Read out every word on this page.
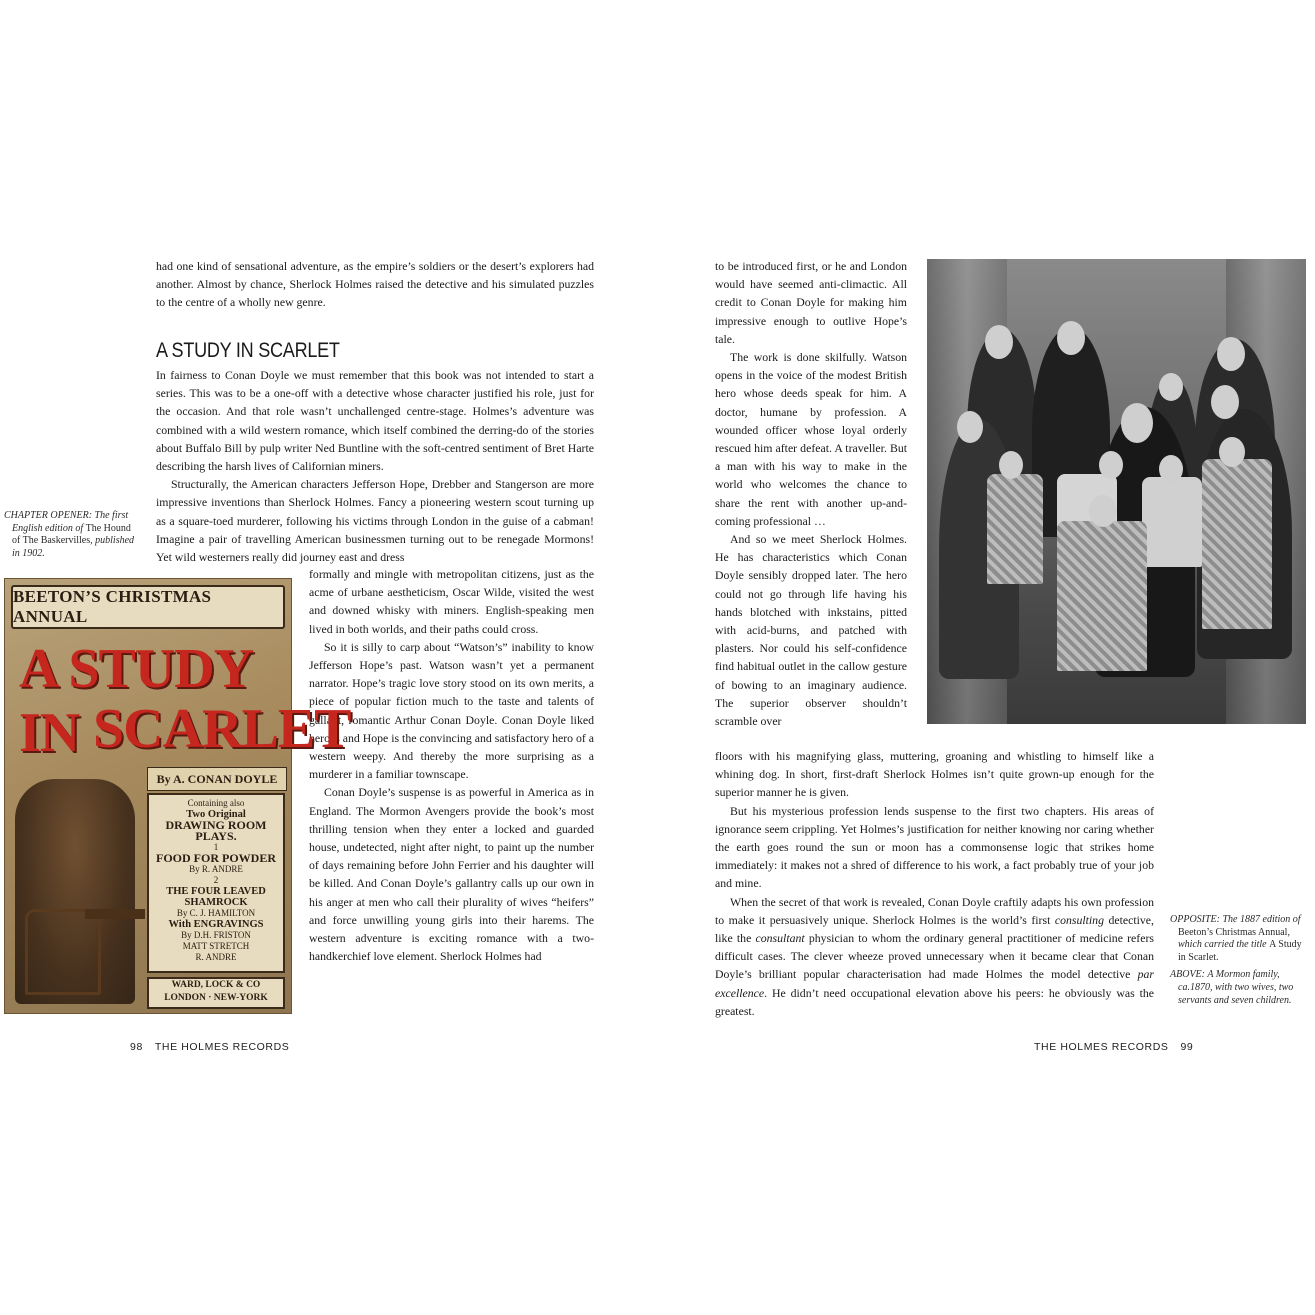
had one kind of sensational adventure, as the empire’s soldiers or the desert’s explorers had another. Almost by chance, Sherlock Holmes raised the detective and his simulated puzzles to the centre of a wholly new genre.

A STUDY IN SCARLET

In fairness to Conan Doyle we must remember that this book was not intended to start a series. This was to be a one-off with a detective whose character justified his role, just for the occasion. And that role wasn’t unchallenged centre-stage. Holmes’s adventure was combined with a wild western romance, which itself combined the derring-do of the stories about Buffalo Bill by pulp writer Ned Buntline with the soft-centred sentiment of Bret Harte describing the harsh lives of Californian miners.

Structurally, the American characters Jefferson Hope, Drebber and Stangerson are more impressive inventions than Sherlock Holmes. Fancy a pioneering western scout turning up as a square-toed murderer, following his victims through London in the guise of a cabman! Imagine a pair of travelling American businessmen turning out to be renegade Mormons! Yet wild westerners really did journey east and dress

formally and mingle with metropolitan citizens, just as the acme of urbane aestheticism, Oscar Wilde, visited the west and downed whisky with miners. English-speaking men lived in both worlds, and their paths could cross.

So it is silly to carp about “Watson’s” inability to know Jefferson Hope’s past. Watson wasn’t yet a permanent narrator. Hope’s tragic love story stood on its own merits, a piece of popular fiction much to the taste and talents of gallant, romantic Arthur Conan Doyle. Conan Doyle liked heroes and Hope is the convincing and satisfactory hero of a western weepy. And thereby the more surprising as a murderer in a familiar townscape.

Conan Doyle’s suspense is as powerful in America as in England. The Mormon Avengers provide the book’s most thrilling tension when they enter a locked and guarded house, undetected, night after night, to paint up the number of days remaining before John Ferrier and his daughter will be killed. And Conan Doyle’s gallantry calls up our own in his anger at men who call their plurality of wives “heifers” and force unwilling young girls into their harems. The western adventure is exciting romance with a two-handkerchief love element. Sherlock Holmes had

CHAPTER OPENER: The first
English edition of The Hound
of The Baskervilles, published
in 1902.
BEETON’S CHRISTMAS ANNUAL
A STUDY IN SCARLET
By A. CONAN DOYLE
Containing also
Two Original
DRAWING ROOM PLAYS.
1
FOOD FOR POWDER
By R. ANDRE
2
THE FOUR LEAVED SHAMROCK
By C. J. HAMILTON
With ENGRAVINGS
By D.H. FRISTON
MATT STRETCH
R. ANDRE
WARD, LOCK & CO
LONDON · NEW-YORK
98 THE HOLMES RECORDS

to be introduced first, or he and London would have seemed anti-climactic. All credit to Conan Doyle for making him impressive enough to outlive Hope’s tale.

The work is done skilfully. Watson opens in the voice of the modest British hero whose deeds speak for him. A doctor, humane by profession. A wounded officer whose loyal orderly rescued him after defeat. A traveller. But a man with his way to make in the world who welcomes the chance to share the rent with another up-and-coming professional …

And so we meet Sherlock Holmes. He has characteristics which Conan Doyle sensibly dropped later. The hero could not go through life having his hands blotched with inkstains, pitted with acid-burns, and patched with plasters. Nor could his self-confidence find habitual outlet in the callow gesture of bowing to an imaginary audience. The superior observer shouldn’t scramble over

floors with his magnifying glass, muttering, groaning and whistling to himself like a whining dog. In short, first-draft Sherlock Holmes isn’t quite grown-up enough for the superior manner he is given.

But his mysterious profession lends suspense to the first two chapters. His areas of ignorance seem crippling. Yet Holmes’s justification for neither knowing nor caring whether the earth goes round the sun or moon has a commonsense logic that strikes home immediately: it makes not a shred of difference to his work, a fact probably true of your job and mine.

When the secret of that work is revealed, Conan Doyle craftily adapts his own profession to make it persuasively unique. Sherlock Holmes is the world’s first consulting detective, like the consultant physician to whom the ordinary general practitioner of medicine refers difficult cases. The clever wheeze proved unnecessary when it became clear that Conan Doyle’s brilliant popular characterisation had made Holmes the model detective par excellence. He didn’t need occupational elevation above his peers: he obviously was the greatest.

OPPOSITE: The 1887 edition of
Beeton’s Christmas Annual,
which carried the title A Study
in Scarlet.
ABOVE: A Mormon family,
ca.1870, with two wives, two
servants and seven children.
THE HOLMES RECORDS 99
